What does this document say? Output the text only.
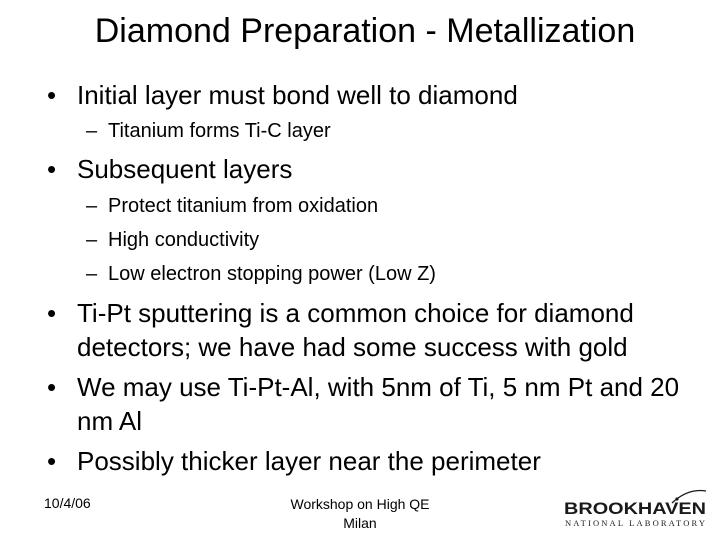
Diamond Preparation - Metallization
• Initial layer must bond well to diamond
– Titanium forms Ti-C layer
• Subsequent layers
– Protect titanium from oxidation
– High conductivity
– Low electron stopping power (Low Z)
• Ti-Pt sputtering is a common choice for diamond detectors; we have had some success with gold
• We may use Ti-Pt-Al, with 5nm of Ti, 5 nm Pt and 20 nm Al
• Possibly thicker layer near the perimeter
10/4/06	Workshop on High QE
Milan
BROOKHAVEN
NATIONAL LABORATORY
